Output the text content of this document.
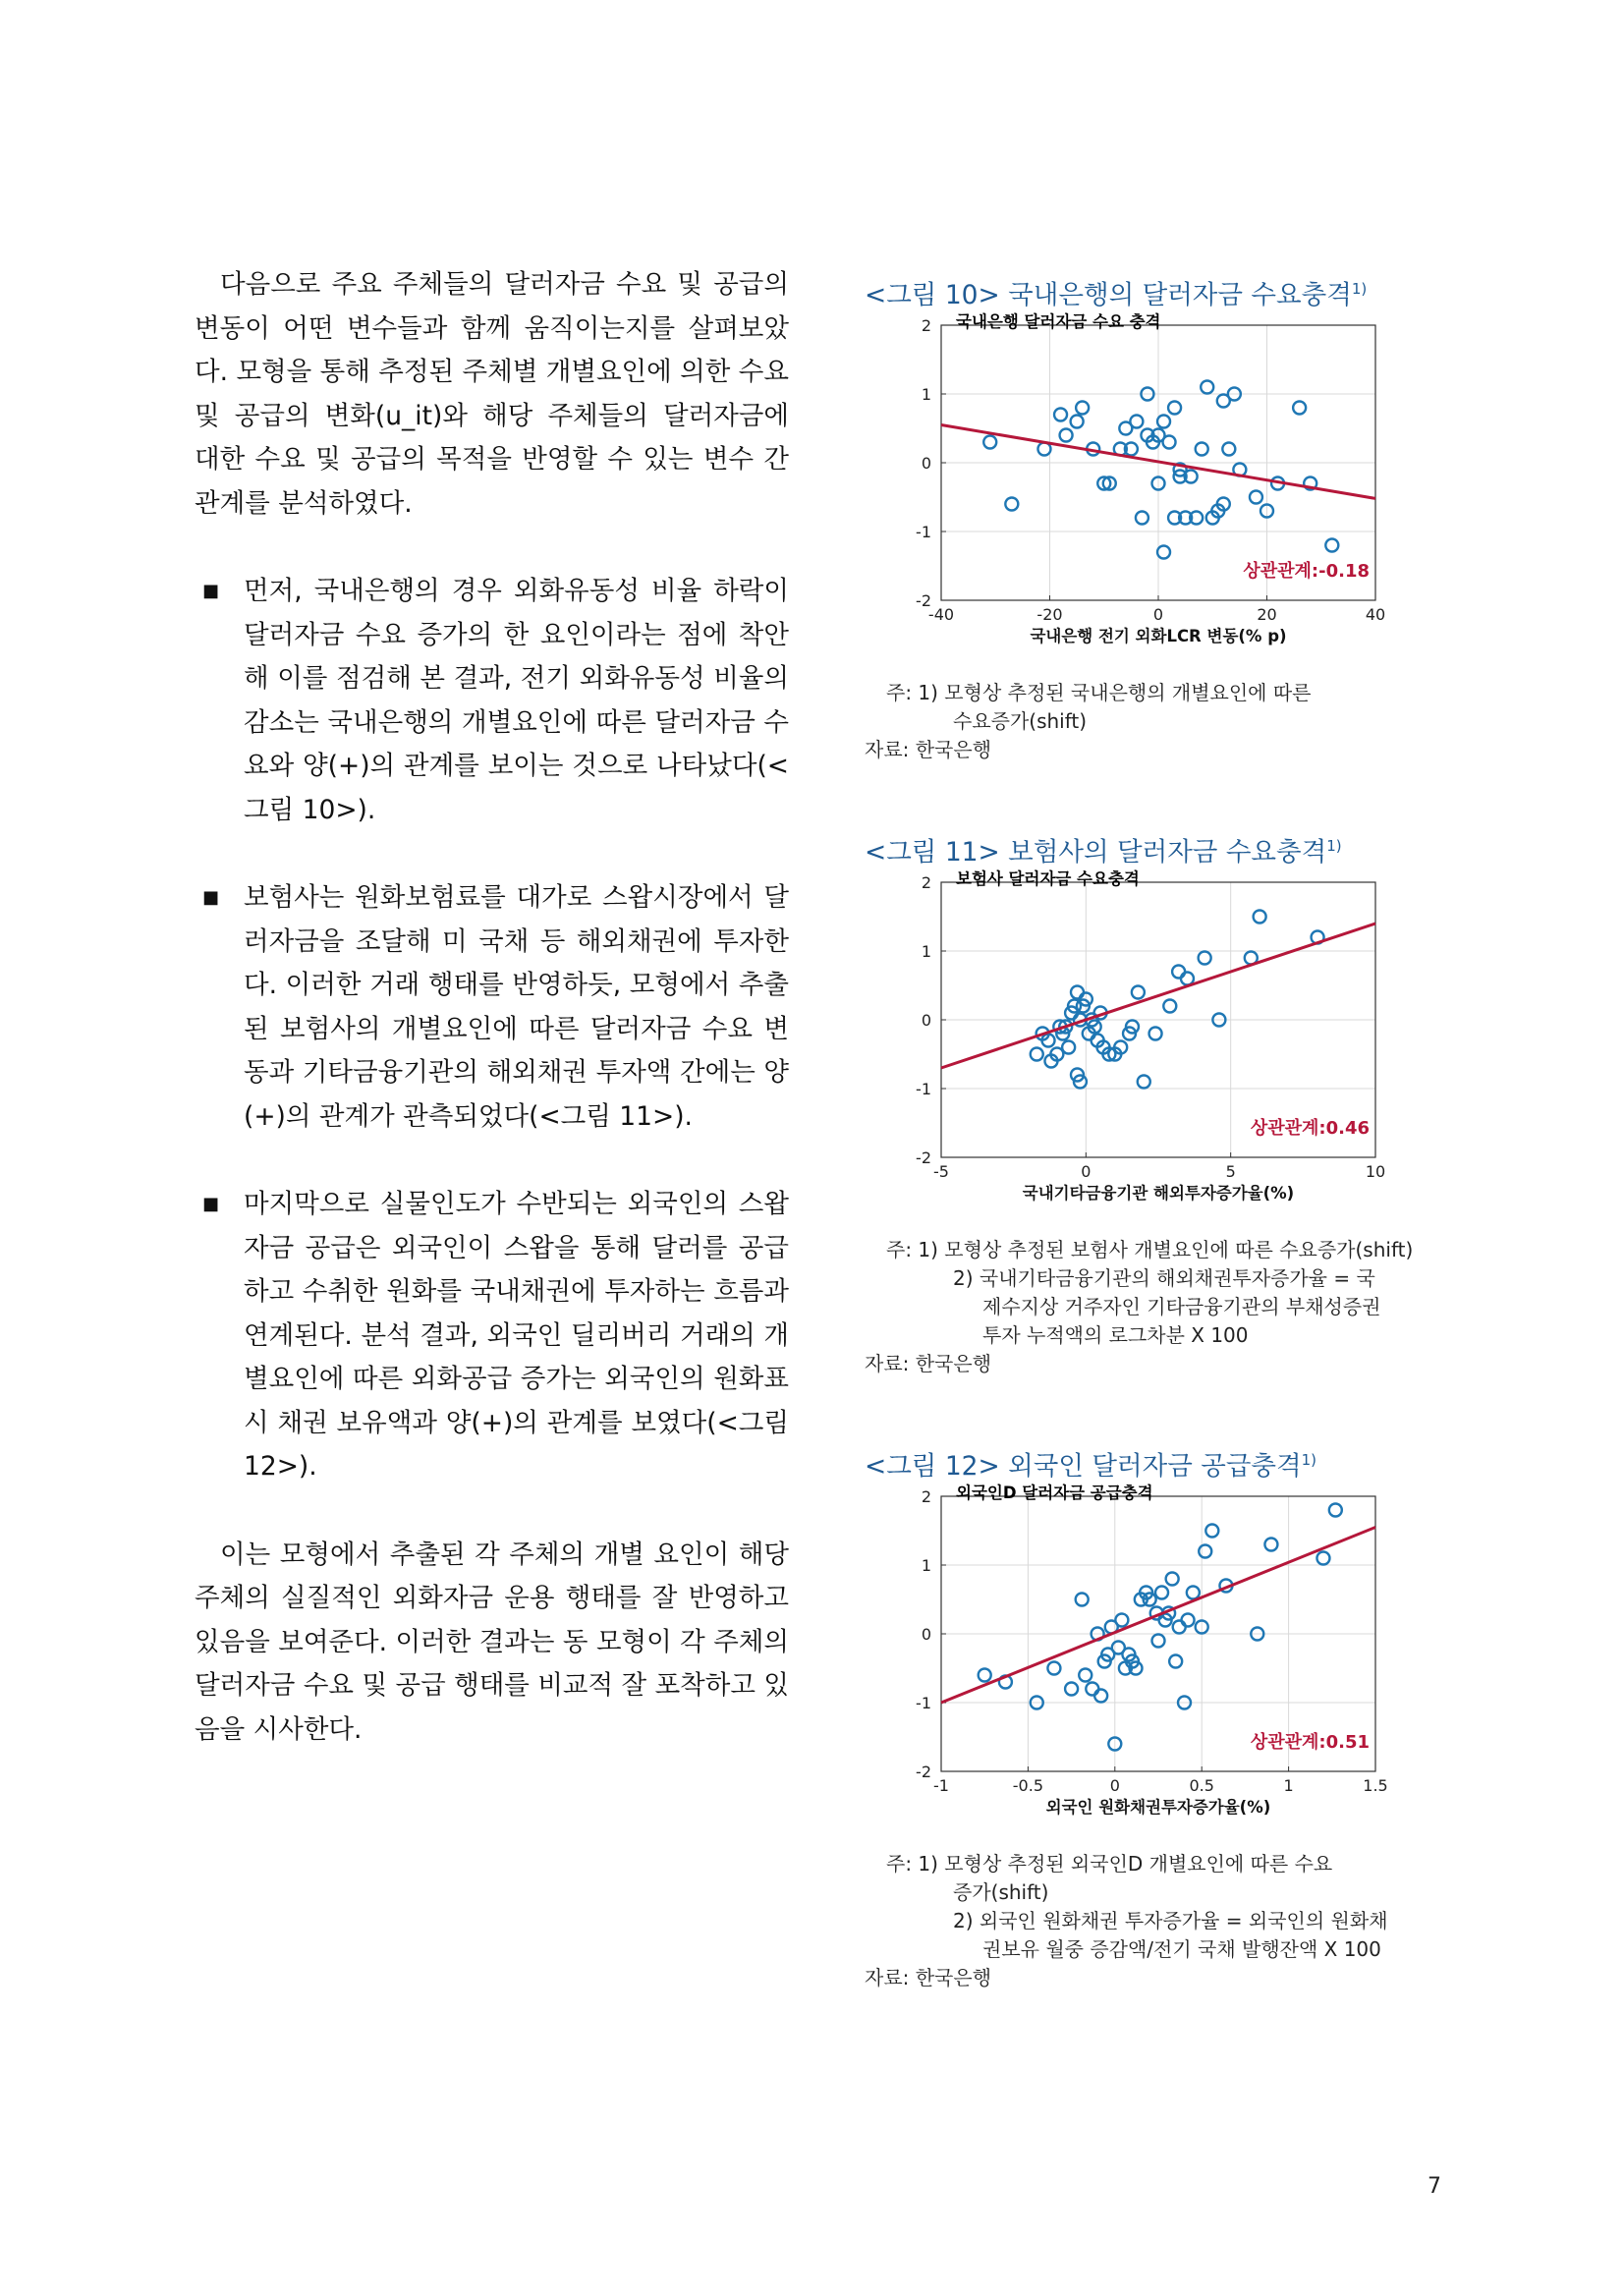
다음으로 주요 주체들의 달러자금 수요 및 공급의 변동이 어떤 변수들과 함께 움직이는지를 살펴보았다. 모형을 통해 추정된 주체별 개별요인에 의한 수요 및 공급의 변화(u_it)와 해당 주체들의 달러자금에 대한 수요 및 공급의 목적을 반영할 수 있는 변수 간 관계를 분석하였다.

■ 먼저, 국내은행의 경우 외화유동성 비율 하락이 달러자금 수요 증가의 한 요인이라는 점에 착안해 이를 점검해 본 결과, 전기 외화유동성 비율의 감소는 국내은행의 개별요인에 따른 달러자금 수요와 양(+)의 관계를 보이는 것으로 나타났다(<그림 10>).

■ 보험사는 원화보험료를 대가로 스왑시장에서 달러자금을 조달해 미 국채 등 해외채권에 투자한다. 이러한 거래 행태를 반영하듯, 모형에서 추출된 보험사의 개별요인에 따른 달러자금 수요 변동과 기타금융기관의 해외채권 투자액 간에는 양(+)의 관계가 관측되었다(<그림 11>).

■ 마지막으로 실물인도가 수반되는 외국인의 스왑자금 공급은 외국인이 스왑을 통해 달러를 공급하고 수취한 원화를 국내채권에 투자하는 흐름과 연계된다. 분석 결과, 외국인 딜리버리 거래의 개별요인에 따른 외화공급 증가는 외국인의 원화표시 채권 보유액과 양(+)의 관계를 보였다(<그림 12>).

이는 모형에서 추출된 각 주체의 개별 요인이 해당 주체의 실질적인 외화자금 운용 행태를 잘 반영하고 있음을 보여준다. 이러한 결과는 동 모형이 각 주체의 달러자금 수요 및 공급 행태를 비교적 잘 포착하고 있음을 시사한다.

<그림 10> 국내은행의 달러자금 수요충격$^{1)}$
국내은행 달러자금 수요 충격
-40	-20	0	20	40
-2
-1
0
1
2
상관관계:-0.18
국내은행 전기 외화LCR 변동(% p)

주: 1) 모형상 추정된 국내은행의 개별요인에 따른

수요증가(shift)

자료: 한국은행

<그림 11> 보험사의 달러자금 수요충격$^{1)}$
보험사 달러자금 수요충격
-5	0	5	10
-2
-1
0
1
2
상관관계:0.46
국내기타금융기관 해외투자증가율(%)

주: 1) 모형상 추정된 보험사 개별요인에 따른 수요증가(shift)

2) 국내기타금융기관의 해외채권투자증가율 = 국

제수지상 거주자인 기타금융기관의 부채성증권

투자 누적액의 로그차분 X 100

자료: 한국은행

<그림 12> 외국인 달러자금 공급충격$^{1)}$
외국인D 달러자금 공급충격
-1	-0.5	0	0.5	1	1.5
-2
-1
0
1
2
상관관계:0.51
외국인 원화채권투자증가율(%)

주: 1) 모형상 추정된 외국인D 개별요인에 따른 수요

증가(shift)

2) 외국인 원화채권 투자증가율 = 외국인의 원화채

권보유 월중 증감액/전기 국채 발행잔액 X 100

자료: 한국은행

7
